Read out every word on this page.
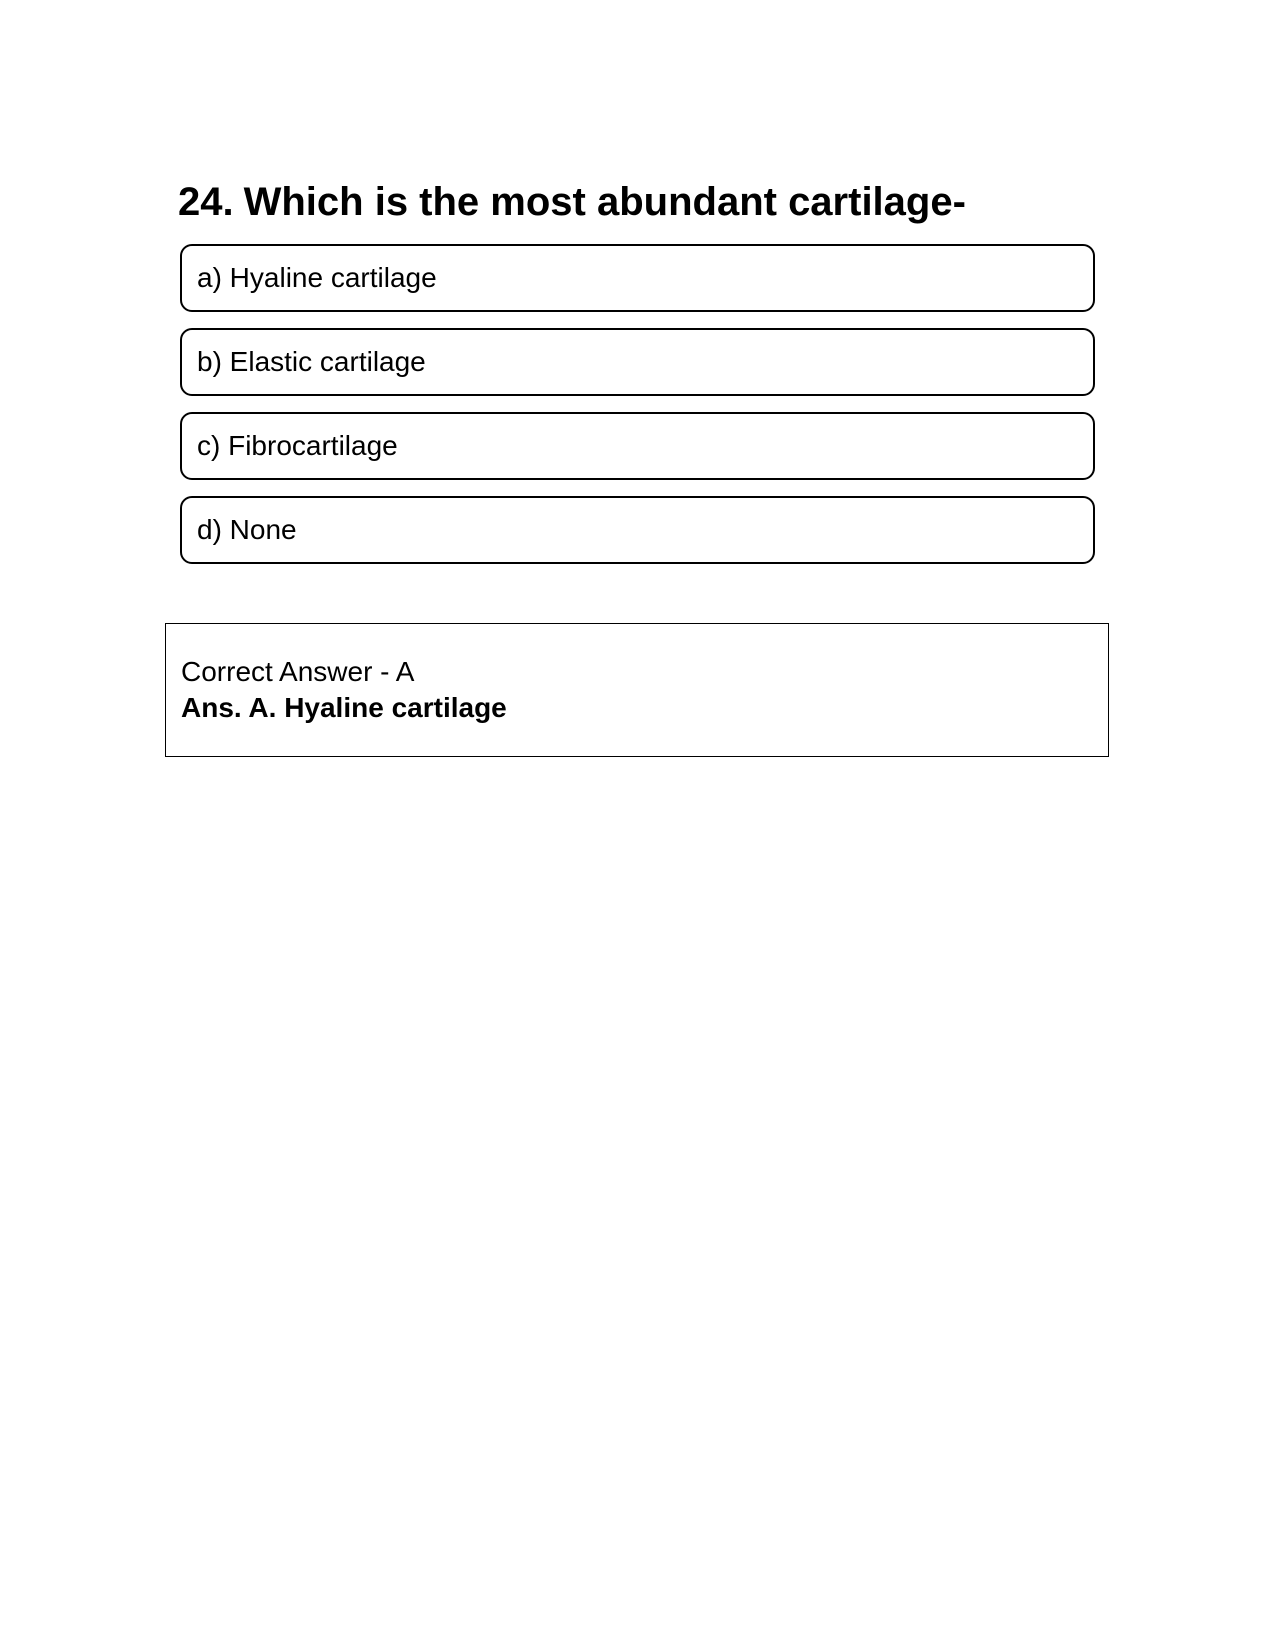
24. Which is the most abundant cartilage-
a) Hyaline cartilage
b) Elastic cartilage
c) Fibrocartilage
d) None
Correct Answer - A
Ans. A. Hyaline cartilage
